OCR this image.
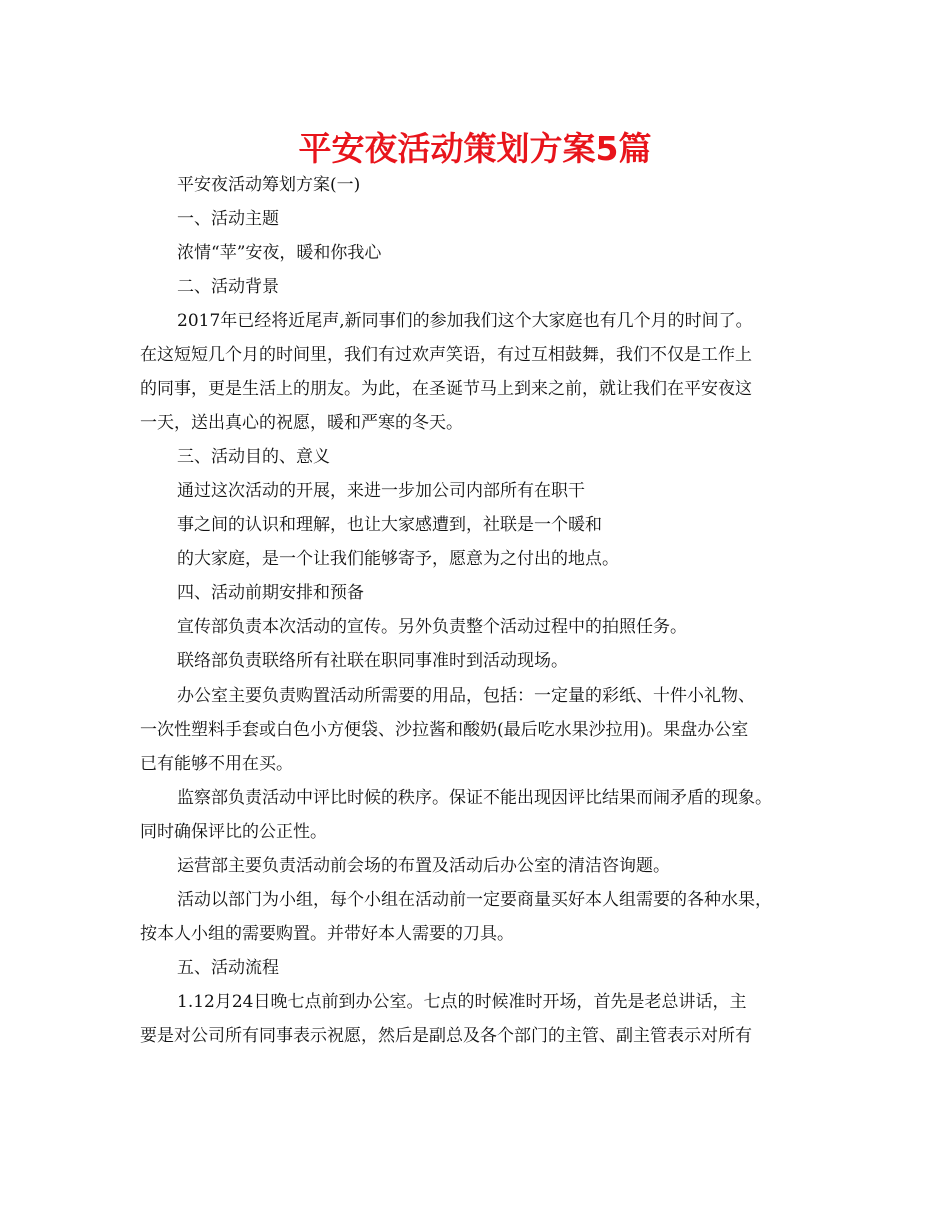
平安夜活动策划方案5篇

平安夜活动筹划方案(一)

一、活动主题

浓情“苹”安夜，暖和你我心

二、活动背景

2017年已经将近尾声,新同事们的参加我们这个大家庭也有几个月的时间了。

在这短短几个月的时间里，我们有过欢声笑语，有过互相鼓舞，我们不仅是工作上

的同事，更是生活上的朋友。为此，在圣诞节马上到来之前，就让我们在平安夜这

一天，送出真心的祝愿，暖和严寒的冬天。

三、活动目的、意义

通过这次活动的开展，来进一步加公司内部所有在职干

事之间的认识和理解，也让大家感遭到，社联是一个暖和

的大家庭，是一个让我们能够寄予，愿意为之付出的地点。

四、活动前期安排和预备

宣传部负责本次活动的宣传。另外负责整个活动过程中的拍照任务。

联络部负责联络所有社联在职同事准时到活动现场。

办公室主要负责购置活动所需要的用品，包括：一定量的彩纸、十件小礼物、

一次性塑料手套或白色小方便袋、沙拉酱和酸奶(最后吃水果沙拉用)。果盘办公室

已有能够不用在买。

监察部负责活动中评比时候的秩序。保证不能出现因评比结果而闹矛盾的现象。

同时确保评比的公正性。

运营部主要负责活动前会场的布置及活动后办公室的清洁咨询题。

活动以部门为小组，每个小组在活动前一定要商量买好本人组需要的各种水果，

按本人小组的需要购置。并带好本人需要的刀具。

五、活动流程

1.12月24日晚七点前到办公室。七点的时候准时开场，首先是老总讲话，主

要是对公司所有同事表示祝愿，然后是副总及各个部门的主管、副主管表示对所有
